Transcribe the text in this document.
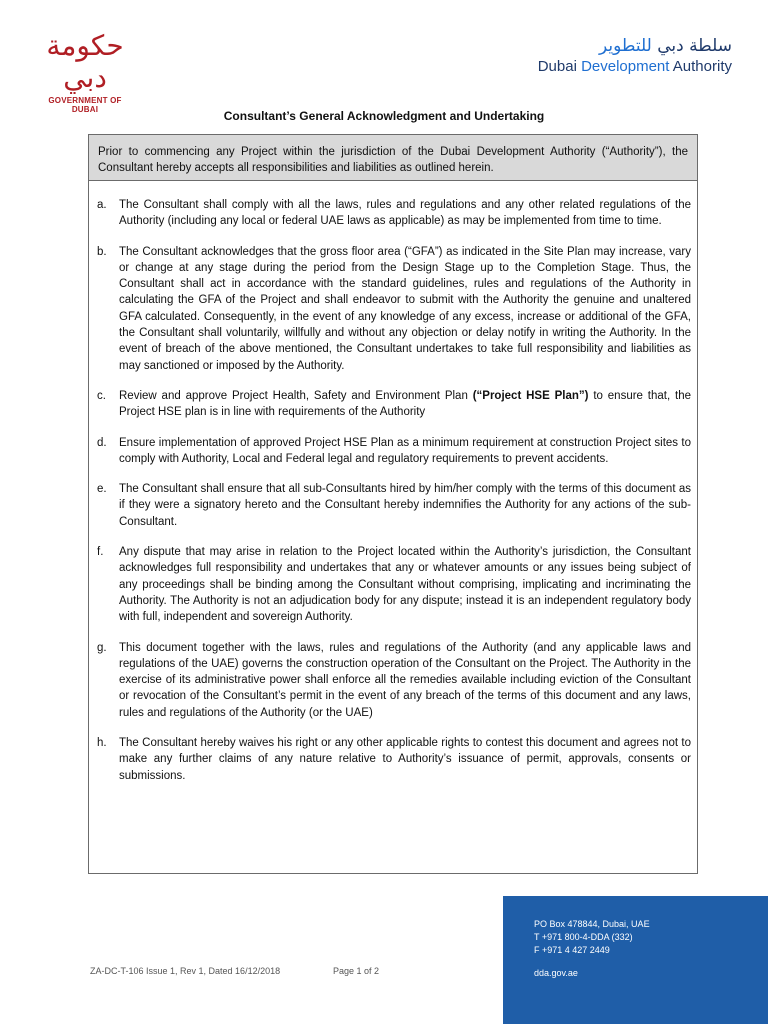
حكومة دبي
GOVERNMENT OF DUBAI
سلطة دبي للتطوير
Dubai Development Authority
Consultant’s General Acknowledgment and Undertaking
Prior to commencing any Project within the jurisdiction of the Dubai Development Authority (“Authority”), the Consultant hereby accepts all responsibilities and liabilities as outlined herein.
a.	The Consultant shall comply with all the laws, rules and regulations and any other related regulations of the Authority (including any local or federal UAE laws as applicable) as may be implemented from time to time.
b.	The Consultant acknowledges that the gross floor area (“GFA”) as indicated in the Site Plan may increase, vary or change at any stage during the period from the Design Stage up to the Completion Stage. Thus, the Consultant shall act in accordance with the standard guidelines, rules and regulations of the Authority in calculating the GFA of the Project and shall endeavor to submit with the Authority the genuine and unaltered GFA calculated. Consequently, in the event of any knowledge of any excess, increase or additional of the GFA, the Consultant shall voluntarily, willfully and without any objection or delay notify in writing the Authority. In the event of breach of the above mentioned, the Consultant undertakes to take full responsibility and liabilities as may sanctioned or imposed by the Authority.
c.	Review and approve Project Health, Safety and Environment Plan (“Project HSE Plan”) to ensure that, the Project HSE plan is in line with requirements of the Authority
d.	Ensure implementation of approved Project HSE Plan as a minimum requirement at construction Project sites to comply with Authority, Local and Federal legal and regulatory requirements to prevent accidents.
e.	The Consultant shall ensure that all sub-Consultants hired by him/her comply with the terms of this document as if they were a signatory hereto and the Consultant hereby indemnifies the Authority for any actions of the sub-Consultant.
f.	Any dispute that may arise in relation to the Project located within the Authority’s jurisdiction, the Consultant acknowledges full responsibility and undertakes that any or whatever amounts or any issues being subject of any proceedings shall be binding among the Consultant without comprising, implicating and incriminating the Authority. The Authority is not an adjudication body for any dispute; instead it is an independent regulatory body with full, independent and sovereign Authority.
g.	This document together with the laws, rules and regulations of the Authority (and any applicable laws and regulations of the UAE) governs the construction operation of the Consultant on the Project. The Authority in the exercise of its administrative power shall enforce all the remedies available including eviction of the Consultant or revocation of the Consultant’s permit in the event of any breach of the terms of this document and any laws, rules and regulations of the Authority (or the UAE)
h.	The Consultant hereby waives his right or any other applicable rights to contest this document and agrees not to make any further claims of any nature relative to Authority’s issuance of permit, approvals, consents or submissions.
ZA-DC-T-106 Issue 1, Rev 1, Dated 16/12/2018	Page 1 of 2
PO Box 478844, Dubai, UAE
T +971 800-4-DDA (332)
F +971 4 427 2449
dda.gov.ae
